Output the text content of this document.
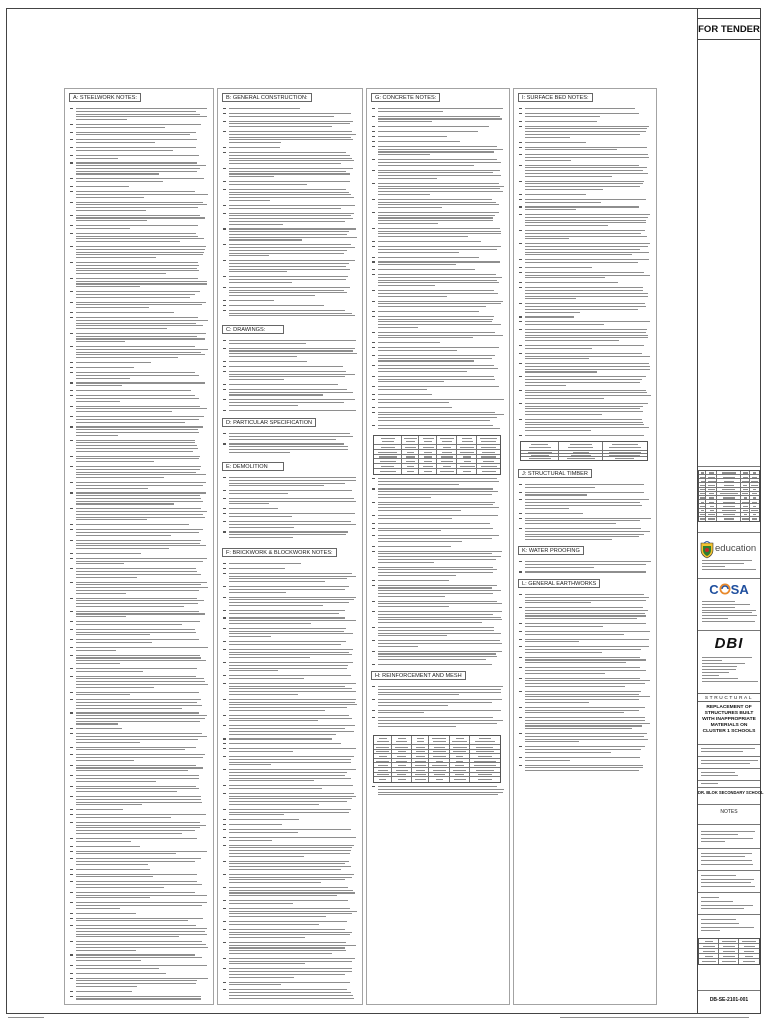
A: STEELWORK NOTES:	B: GENERAL CONSTRUCTION:
C: DRAWINGS:
D: PARTICULAR SPECIFICATION
E: DEMOLITION
F: BRICKWORK & BLOCKWORK NOTES:
G: CONCRETE NOTES:
H: REINFORCEMENT AND MESH
I: SURFACE BED NOTES:
J: STRUCTURAL TIMBER
K: WATER PROOFING
L: GENERAL EARTHWORKS
FOR TENDER
education
C SA
DBI
STRUCTURAL
REPLACEMENT OF STRUCTURES BUILT WITH INAPPROPRIATE MATERIALS ON CLUSTER 1 SCHOOLS
DR. BLOK SECONDARY SCHOOL
NOTES
DB-SE-2101-001
